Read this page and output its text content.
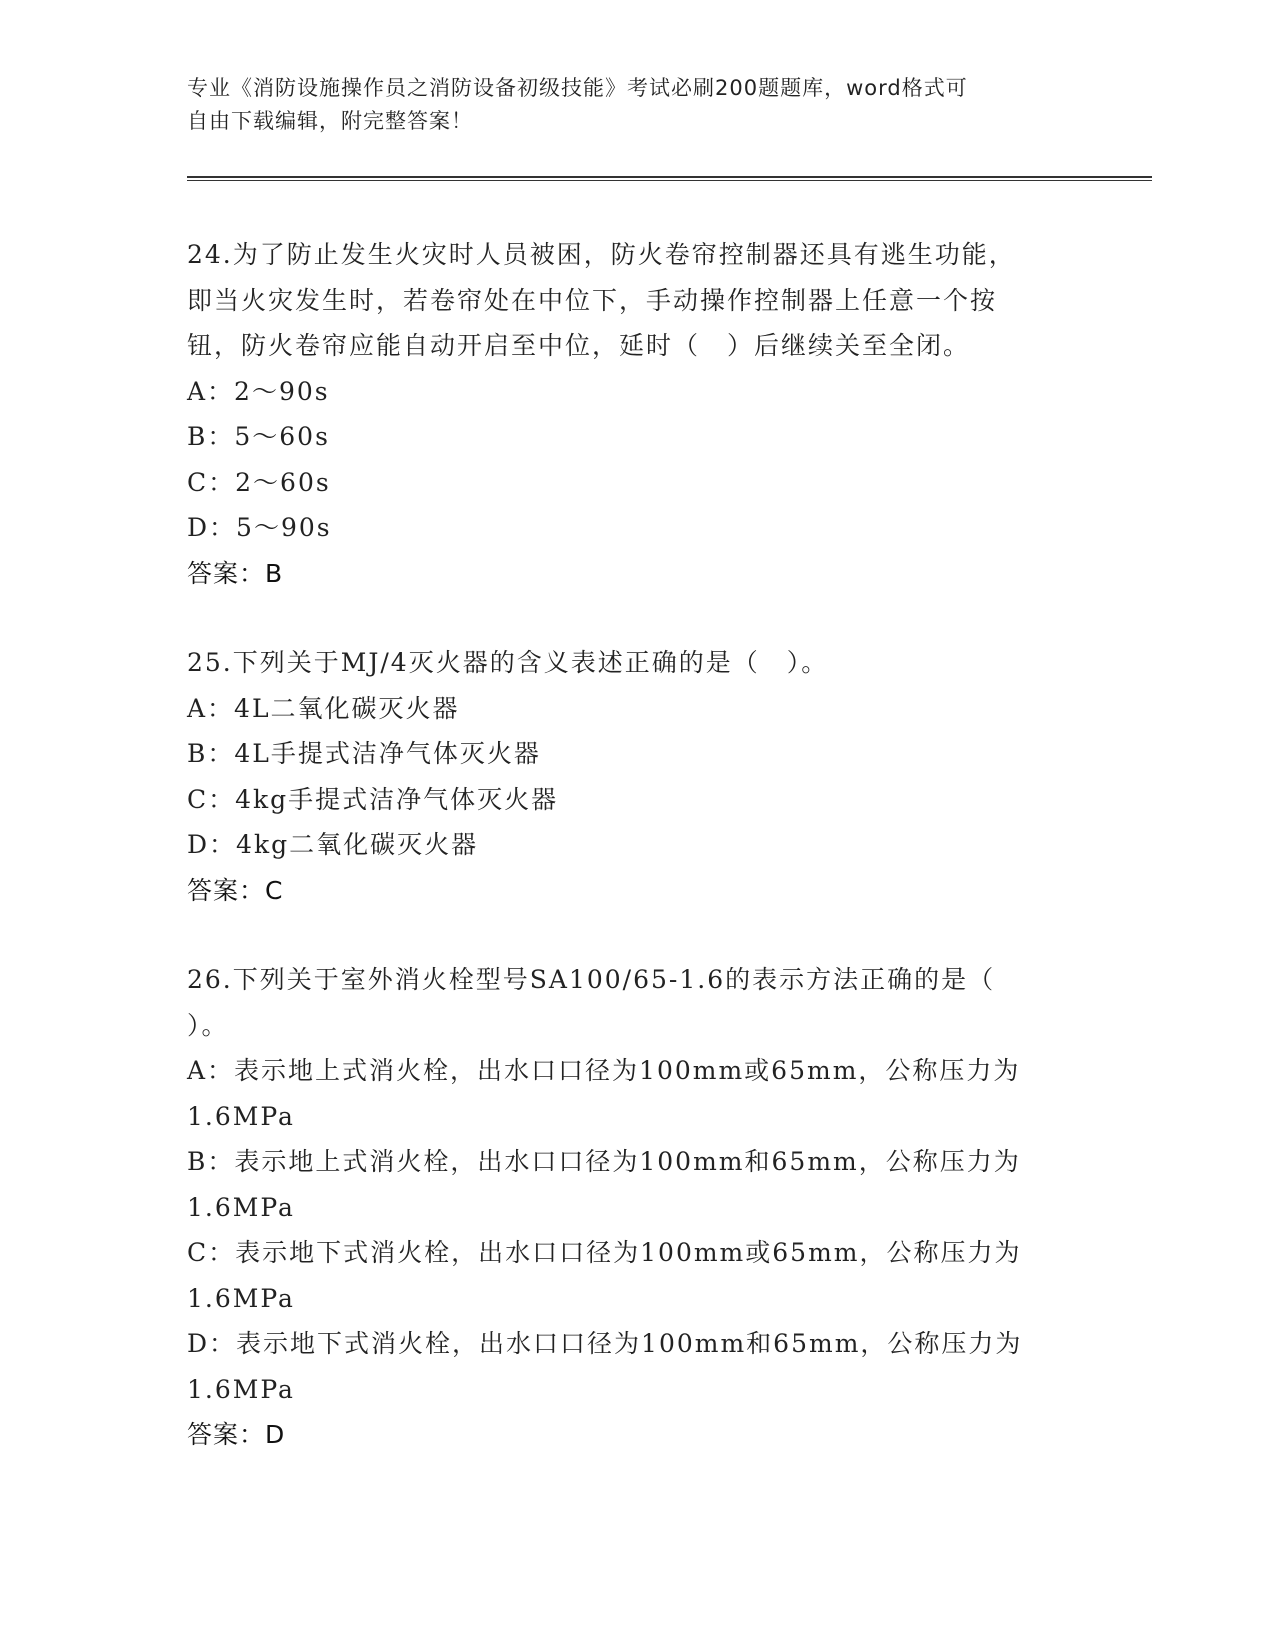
专业《消防设施操作员之消防设备初级技能》考试必刷200题题库，word格式可
自由下载编辑，附完整答案！
24.为了防止发生火灾时人员被困，防火卷帘控制器还具有逃生功能，
即当火灾发生时，若卷帘处在中位下，手动操作控制器上任意一个按
钮，防火卷帘应能自动开启至中位，延时（　）后继续关至全闭。
A：2～90s
B：5～60s
C：2～60s
D：5～90s
答案：B
25.下列关于MJ/4灭火器的含义表述正确的是（　）。
A：4L二氧化碳灭火器
B：4L手提式洁净气体灭火器
C：4kg手提式洁净气体灭火器
D：4kg二氧化碳灭火器
答案：C
26.下列关于室外消火栓型号SA100/65-1.6的表示方法正确的是（
）。
A：表示地上式消火栓，出水口口径为100mm或65mm，公称压力为
1.6MPa
B：表示地上式消火栓，出水口口径为100mm和65mm，公称压力为
1.6MPa
C：表示地下式消火栓，出水口口径为100mm或65mm，公称压力为
1.6MPa
D：表示地下式消火栓，出水口口径为100mm和65mm，公称压力为
1.6MPa
答案：D
